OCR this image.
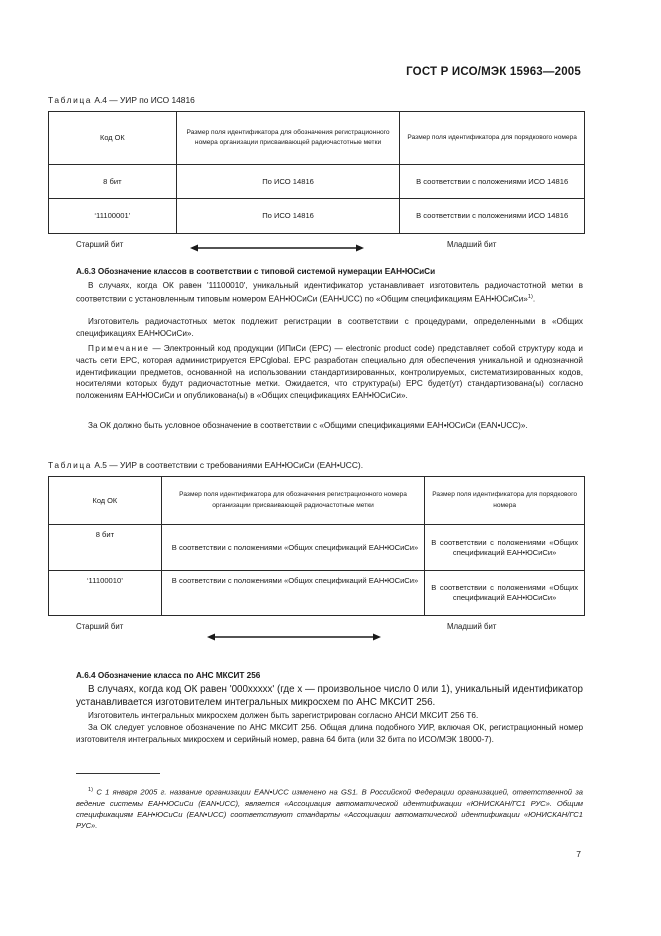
ГОСТ Р ИСО/МЭК 15963—2005
Таблица А.4 — УИР по ИСО 14816
Код ОК	Размер поля идентификатора для обозначения регистрационного номера организации присваивающей радиочастотные метки	Размер поля идентификатора для порядкового номера
8 бит	По ИСО 14816	В соответствии с положениями ИСО 14816
‘11100001’	По ИСО 14816	В соответствии с положениями ИСО 14816
Старший бит	Младший бит
А.6.3 Обозначение классов в соответствии с типовой системой нумерации ЕАН•ЮСиСи

В случаях, когда ОК равен '11100010', уникальный идентификатор устанавливает изготовитель радиочастотной метки в соответствии с установленным типовым номером ЕАН•ЮСиСи (ЕАН•UCC) по «Общим спецификациям ЕАН•ЮСиСи»$^{1)}$.

Изготовитель радиочастотных меток подлежит регистрации в соответствии с процедурами, определенными в «Общих спецификациях ЕАН•ЮСиСи».

Примечание — Электронный код продукции (ИПиСи (EPC) — electronic product code) представляет собой структуру кода и часть сети EPC, которая администрируется EPCglobal. EPC разработан специально для обеспечения уникальной и однозначной идентификации предметов, основанной на использовании стандартизированных, контролируемых, систематизированных кодов, носителями которых будут радиочастотные метки. Ожидается, что структура(ы) EPC будет(ут) стандартизована(ы) согласно положениям ЕАН•ЮСиСи и опубликована(ы) в «Общих спецификациях ЕАН•ЮСиСи».

За ОК должно быть условное обозначение в соответствии с «Общими спецификациями ЕАН•ЮСиСи (EAN•UCC)».

Таблица А.5 — УИР в соответствии с требованиями ЕАН•ЮСиСи (ЕАН•UCC).
Код ОК	Размер поля идентификатора для обозначения регистрационного номера организации присваивающей радиочастотные метки	Размер поля идентификатора для порядкового номера
8 бит	В соответствии с положениями «Общих спецификаций ЕАН•ЮСиСи»	В соответствии с положениями «Общих спецификаций ЕАН•ЮСиСи»
‘11100010’	В соответствии с положениями «Общих спецификаций ЕАН•ЮСиСи»	В соответствии с положениями «Общих спецификаций ЕАН•ЮСиСи»
Старший бит	Младший бит
А.6.4 Обозначение класса по АНС МКСИТ 256

В случаях, когда код ОК равен '000xxxxx' (где x — произвольное число 0 или 1), уникальный идентификатор устанавливается изготовителем интегральных микросхем по АНС МКСИТ 256.

Изготовитель интегральных микросхем должен быть зарегистрирован согласно АНСИ МКСИТ 256 Т6.

За ОК следует условное обозначение по АНС МКСИТ 256. Общая длина подобного УИР, включая ОК, регистрационный номер изготовителя интегральных микросхем и серийный номер, равна 64 бита (или 32 бита по ИСО/МЭК 18000-7).

$^{1)}$ С 1 января 2005 г. название организации EAN•UCC изменено на GS1. В Российской Федерации организацией, ответственной за ведение системы ЕАН•ЮСиСи (EAN•UCC), является «Ассоциация автоматической идентификации «ЮНИСКАН/ГС1 РУС». Общим спецификациям ЕАН•ЮСиСи (EAN•UCC) соответствуют стандарты «Ассоциации автоматической идентификации «ЮНИСКАН/ГС1 РУС».

7
